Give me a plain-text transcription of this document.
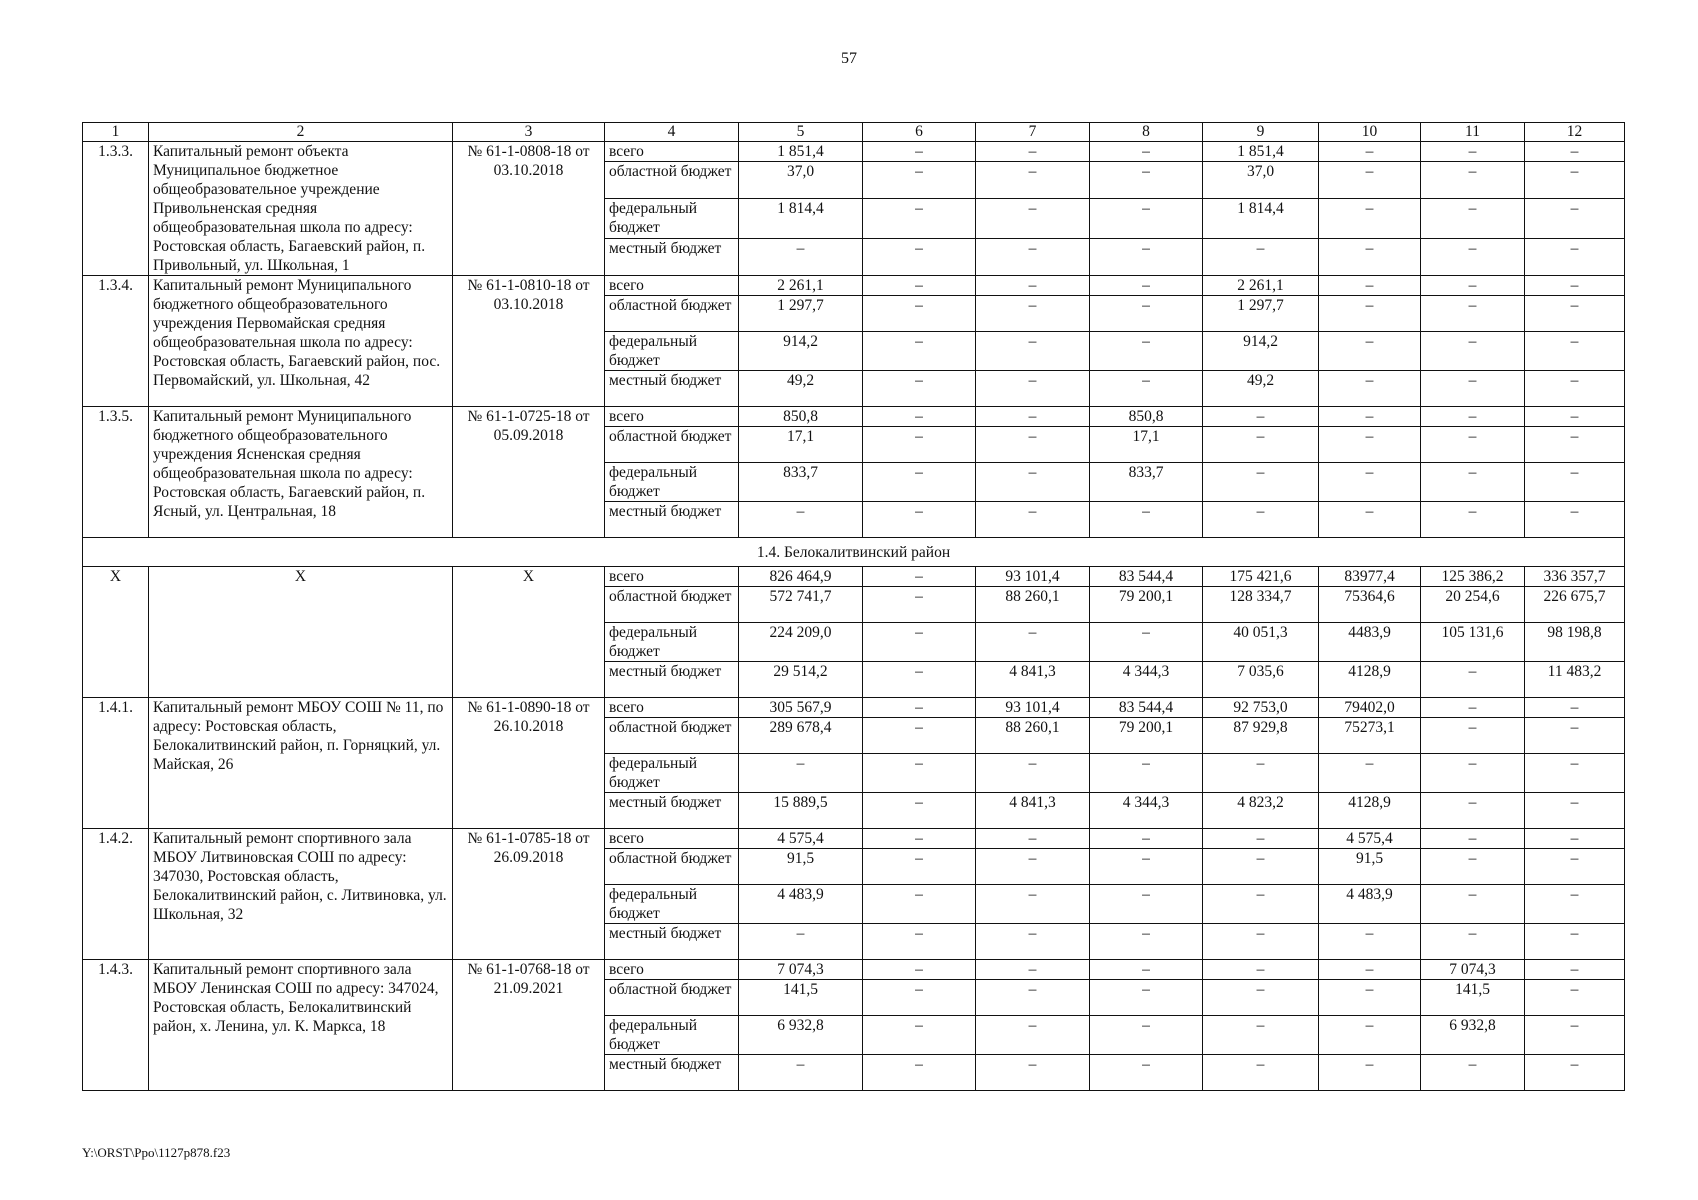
57
1	2	3	4	5	6	7	8	9	10	11	12
1.3.3.	Капитальный ремонт объекта Муниципальное бюджетное общеобразовательное учреждение Привольненская средняя общеобразовательная школа по адресу: Ростовская область, Багаевский район, п. Привольный, ул. Школьная, 1	№ 61-1-0808-18 от 03.10.2018	всего	1 851,4	–	–	–	1 851,4	–	–	–
			областной бюджет	37,0	–	–	–	37,0	–	–	–
			федеральный бюджет	1 814,4	–	–	–	1 814,4	–	–	–
			местный бюджет	–	–	–	–	–	–	–	–
1.3.4.	Капитальный ремонт Муниципального бюджетного общеобразовательного учреждения Первомайская средняя общеобразовательная школа по адресу: Ростовская область, Багаевский район, пос. Первомайский, ул. Школьная, 42	№ 61-1-0810-18 от 03.10.2018	всего	2 261,1	–	–	–	2 261,1	–	–	–
			областной бюджет	1 297,7	–	–	–	1 297,7	–	–	–
			федеральный бюджет	914,2	–	–	–	914,2	–	–	–
			местный бюджет	49,2	–	–	–	49,2	–	–	–
1.3.5.	Капитальный ремонт Муниципального бюджетного общеобразовательного учреждения Ясненская средняя общеобразовательная школа по адресу: Ростовская область, Багаевский район, п. Ясный, ул. Центральная, 18	№ 61-1-0725-18 от 05.09.2018	всего	850,8	–	–	850,8	–	–	–	–
			областной бюджет	17,1	–	–	17,1	–	–	–	–
			федеральный бюджет	833,7	–	–	833,7	–	–	–	–
			местный бюджет	–	–	–	–	–	–	–	–
1.4. Белокалитвинский район											
Х	Х	Х	всего	826 464,9	–	93 101,4	83 544,4	175 421,6	83977,4	125 386,2	336 357,7
			областной бюджет	572 741,7	–	88 260,1	79 200,1	128 334,7	75364,6	20 254,6	226 675,7
			федеральный бюджет	224 209,0	–	–	–	40 051,3	4483,9	105 131,6	98 198,8
			местный бюджет	29 514,2	–	4 841,3	4 344,3	7 035,6	4128,9	–	11 483,2
1.4.1.	Капитальный ремонт МБОУ СОШ № 11, по адресу: Ростовская область, Белокалитвинский район, п. Горняцкий, ул. Майская, 26	№ 61-1-0890-18 от 26.10.2018	всего	305 567,9	–	93 101,4	83 544,4	92 753,0	79402,0	–	–
			областной бюджет	289 678,4	–	88 260,1	79 200,1	87 929,8	75273,1	–	–
			федеральный бюджет	–	–	–	–	–	–	–	–
			местный бюджет	15 889,5	–	4 841,3	4 344,3	4 823,2	4128,9	–	–
1.4.2.	Капитальный ремонт спортивного зала МБОУ Литвиновская СОШ по адресу: 347030, Ростовская область, Белокалитвинский район, с. Литвиновка, ул. Школьная, 32	№ 61-1-0785-18 от 26.09.2018	всего	4 575,4	–	–	–	–	4 575,4	–	–
			областной бюджет	91,5	–	–	–	–	91,5	–	–
			федеральный бюджет	4 483,9	–	–	–	–	4 483,9	–	–
			местный бюджет	–	–	–	–	–	–	–	–
1.4.3.	Капитальный ремонт спортивного зала МБОУ Ленинская СОШ по адресу: 347024, Ростовская область, Белокалитвинский район, х. Ленина, ул. К. Маркса, 18	№ 61-1-0768-18 от 21.09.2021	всего	7 074,3	–	–	–	–	–	7 074,3	–
			областной бюджет	141,5	–	–	–	–	–	141,5	–
			федеральный бюджет	6 932,8	–	–	–	–	–	6 932,8	–
			местный бюджет	–	–	–	–	–	–	–	–
Y:\ORST\Ppo\1127p878.f23
